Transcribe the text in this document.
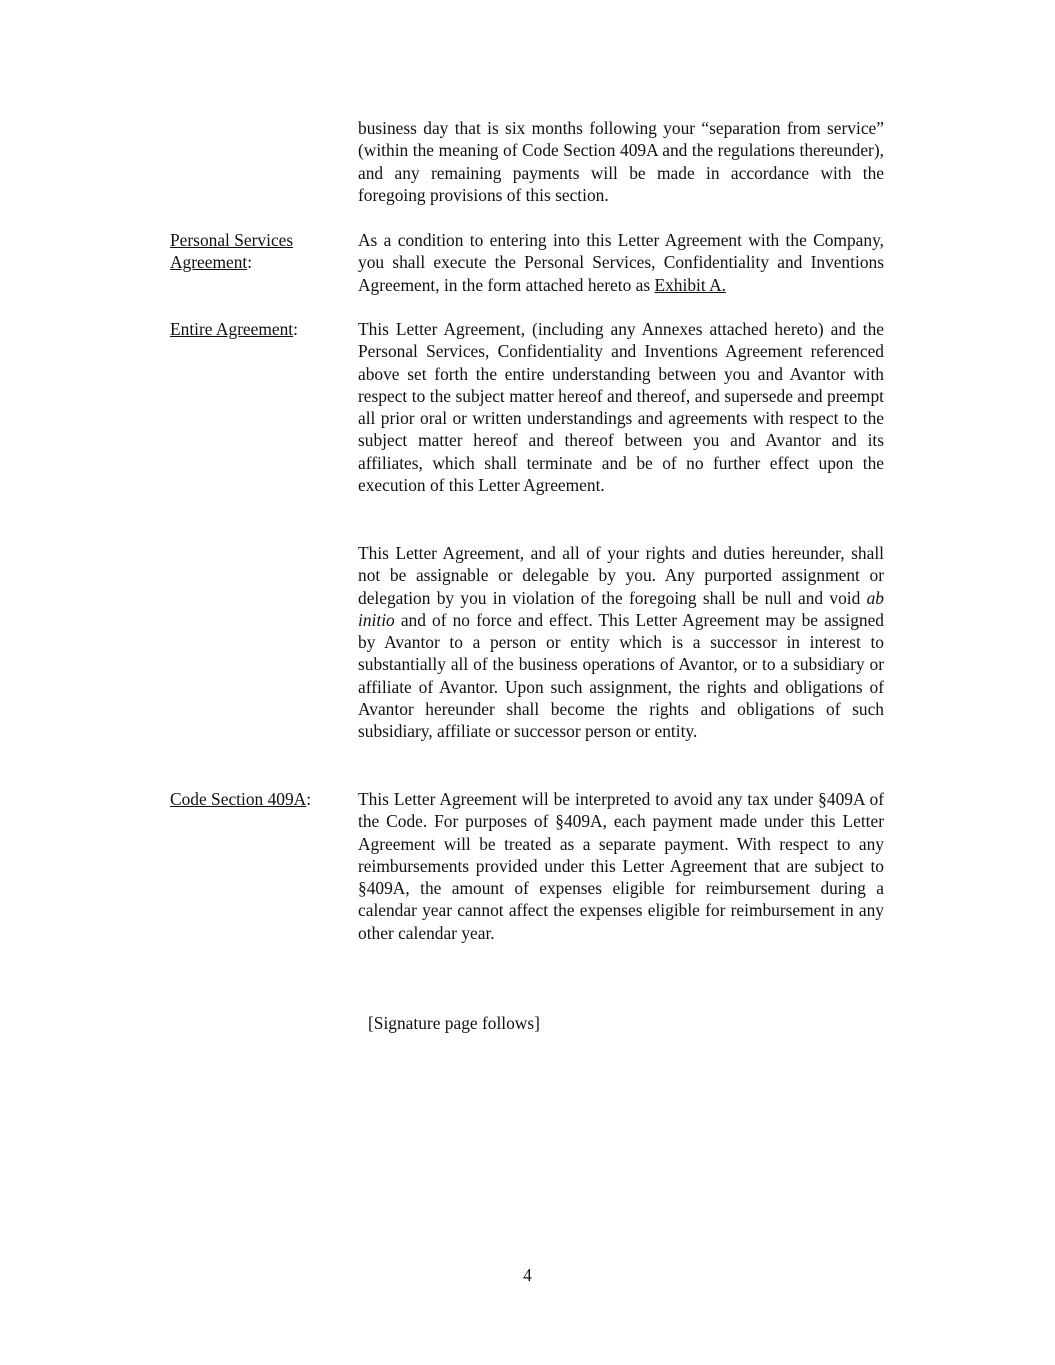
business day that is six months following your “separation from service” (within the meaning of Code Section 409A and the regulations thereunder), and any remaining payments will be made in accordance with the foregoing provisions of this section.

Personal Services
Agreement:

As a condition to entering into this Letter Agreement with the Company, you shall execute the Personal Services, Confidentiality and Inventions Agreement, in the form attached hereto as Exhibit A.

Entire Agreement:	This Letter Agreement, (including any Annexes attached hereto) and the Personal Services, Confidentiality and Inventions Agreement referenced above set forth the entire understanding between you and Avantor with respect to the subject matter hereof and thereof, and supersede and preempt all prior oral or written understandings and agreements with respect to the subject matter hereof and thereof between you and Avantor and its affiliates, which shall terminate and be of no further effect upon the execution of this Letter Agreement.

This Letter Agreement, and all of your rights and duties hereunder, shall not be assignable or delegable by you. Any purported assignment or delegation by you in violation of the foregoing shall be null and void ab initio and of no force and effect. This Letter Agreement may be assigned by Avantor to a person or entity which is a successor in interest to substantially all of the business operations of Avantor, or to a subsidiary or affiliate of Avantor. Upon such assignment, the rights and obligations of Avantor hereunder shall become the rights and obligations of such subsidiary, affiliate or successor person or entity.

Code Section 409A:	This Letter Agreement will be interpreted to avoid any tax under §409A of the Code. For purposes of §409A, each payment made under this Letter Agreement will be treated as a separate payment. With respect to any reimbursements provided under this Letter Agreement that are subject to §409A, the amount of expenses eligible for reimbursement during a calendar year cannot affect the expenses eligible for reimbursement in any other calendar year.

[Signature page follows]

4
